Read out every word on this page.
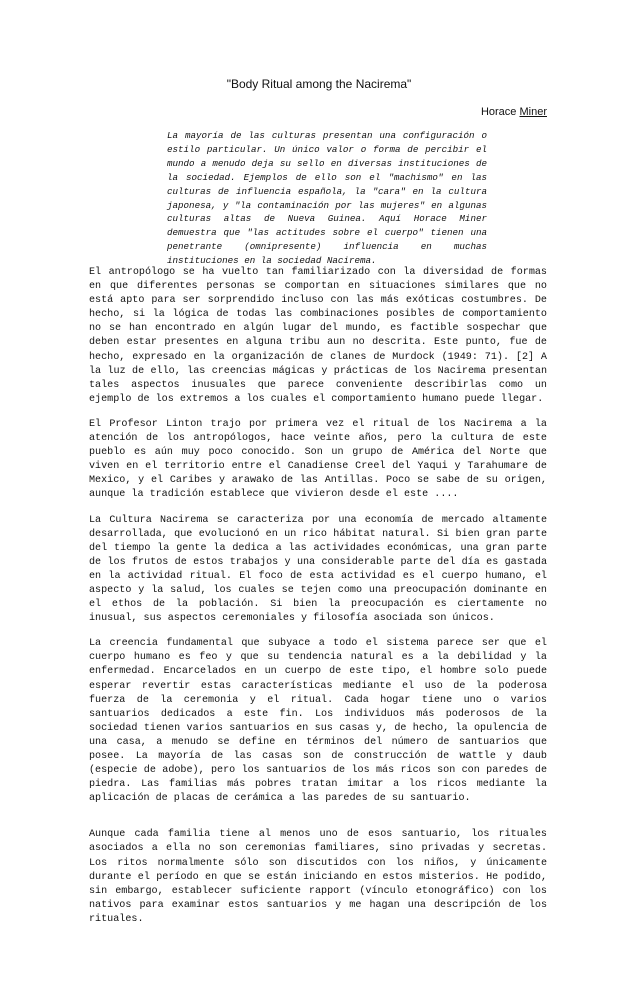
"Body Ritual among the Nacirema"
Horace Miner
La mayoría de las culturas presentan una configuración o estilo particular. Un único valor o forma de percibir el mundo a menudo deja su sello en diversas instituciones de la sociedad. Ejemplos de ello son el "machismo" en las culturas de influencia española, la "cara" en la cultura japonesa, y "la contaminación por las mujeres" en algunas culturas altas de Nueva Guinea. Aquí Horace Miner demuestra que "las actitudes sobre el cuerpo" tienen una penetrante (omnipresente) influencia en muchas instituciones en la sociedad Nacirema.

El antropólogo se ha vuelto tan familiarizado con la diversidad de formas en que diferentes personas se comportan en situaciones similares que no está apto para ser sorprendido incluso con las más exóticas costumbres. De hecho, si la lógica de todas las combinaciones posibles de comportamiento no se han encontrado en algún lugar del mundo, es factible sospechar que deben estar presentes en alguna tribu aun no descrita. Este punto, fue de hecho, expresado en la organización de clanes de Murdock (1949: 71). [2] A la luz de ello, las creencias mágicas y prácticas de los Nacirema presentan tales aspectos inusuales que parece conveniente describirlas como un ejemplo de los extremos a los cuales el comportamiento humano puede llegar.

El Profesor Linton trajo por primera vez el ritual de los Nacirema a la atención de los antropólogos, hace veinte años, pero la cultura de este pueblo es aún muy poco conocido. Son un grupo de América del Norte que viven en el territorio entre el Canadiense Creel del Yaqui y Tarahumare de Mexico, y el Caribes y arawako de las Antillas. Poco se sabe de su origen, aunque la tradición establece que vivieron desde el este ....

La Cultura Nacirema se caracteriza por una economía de mercado altamente desarrollada, que evolucionó en un rico hábitat natural. Si bien gran parte del tiempo la gente la dedica a las actividades económicas, una gran parte de los frutos de estos trabajos y una considerable parte del día es gastada en la actividad ritual. El foco de esta actividad es el cuerpo humano, el aspecto y la salud, los cuales se tejen como una preocupación dominante en el ethos de la población. Si bien la preocupación es ciertamente no inusual, sus aspectos ceremoniales y filosofía asociada son únicos.

La creencia fundamental que subyace a todo el sistema parece ser que el cuerpo humano es feo y que su tendencia natural es a la debilidad y la enfermedad. Encarcelados en un cuerpo de este tipo, el hombre solo puede esperar revertir estas características mediante el uso de la poderosa fuerza de la ceremonia y el ritual. Cada hogar tiene uno o varios santuarios dedicados a este fin. Los individuos más poderosos de la sociedad tienen varios santuarios en sus casas y, de hecho, la opulencia de una casa, a menudo se define en términos del número de santuarios que posee. La mayoría de las casas son de construcción de wattle y daub (especie de adobe), pero los santuarios de los más ricos son con paredes de piedra. Las familias más pobres tratan imitar a los ricos mediante la aplicación de placas de cerámica a las paredes de su santuario.

Aunque cada familia tiene al menos uno de esos santuario, los rituales asociados a ella no son ceremonias familiares, sino privadas y secretas. Los ritos normalmente sólo son discutidos con los niños, y únicamente durante el período en que se están iniciando en estos misterios. He podido, sin embargo, establecer suficiente rapport (vínculo etonográfico) con los nativos para examinar estos santuarios y me hagan una descripción de los rituales.
